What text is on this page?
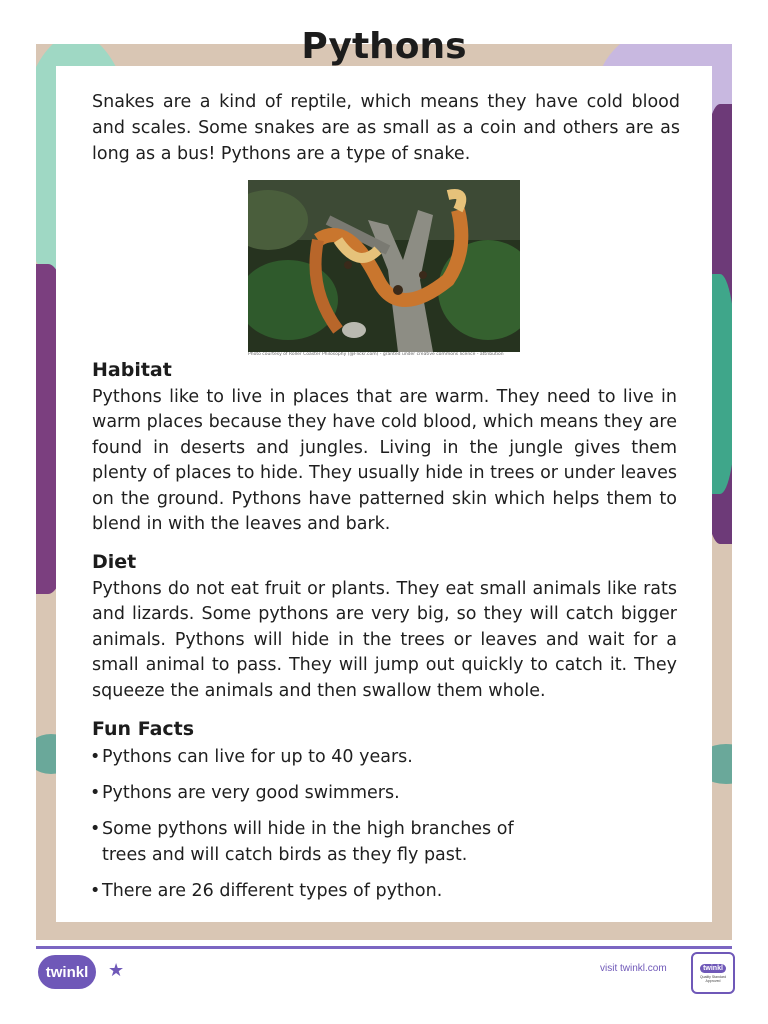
Pythons

Snakes are a kind of reptile, which means they have cold blood and scales. Some snakes are as small as a coin and others are as long as a bus! Pythons are a type of snake.

Photo courtesy of Roller Coaster Philosophy (@Flickr.com) - granted under creative commons licence - attribution
Habitat

Pythons like to live in places that are warm. They need to live in warm places because they have cold blood, which means they are found in deserts and jungles. Living in the jungle gives them plenty of places to hide. They usually hide in trees or under leaves on the ground. Pythons have patterned skin which helps them to blend in with the leaves and bark.

Diet

Pythons do not eat fruit or plants. They eat small animals like rats and lizards. Some pythons are very big, so they will catch bigger animals. Pythons will hide in the trees or leaves and wait for a small animal to pass. They will jump out quickly to catch it. They squeeze the animals and then swallow them whole.

Fun Facts
•Pythons can live for up to 40 years.
•Pythons are very good swimmers.
•Some pythons will hide in the high branches of trees and will catch birds as they fly past.
•There are 26 different types of python.
twinkl	★	visit twinkl.com	twinkl
Quality Standard Approved
